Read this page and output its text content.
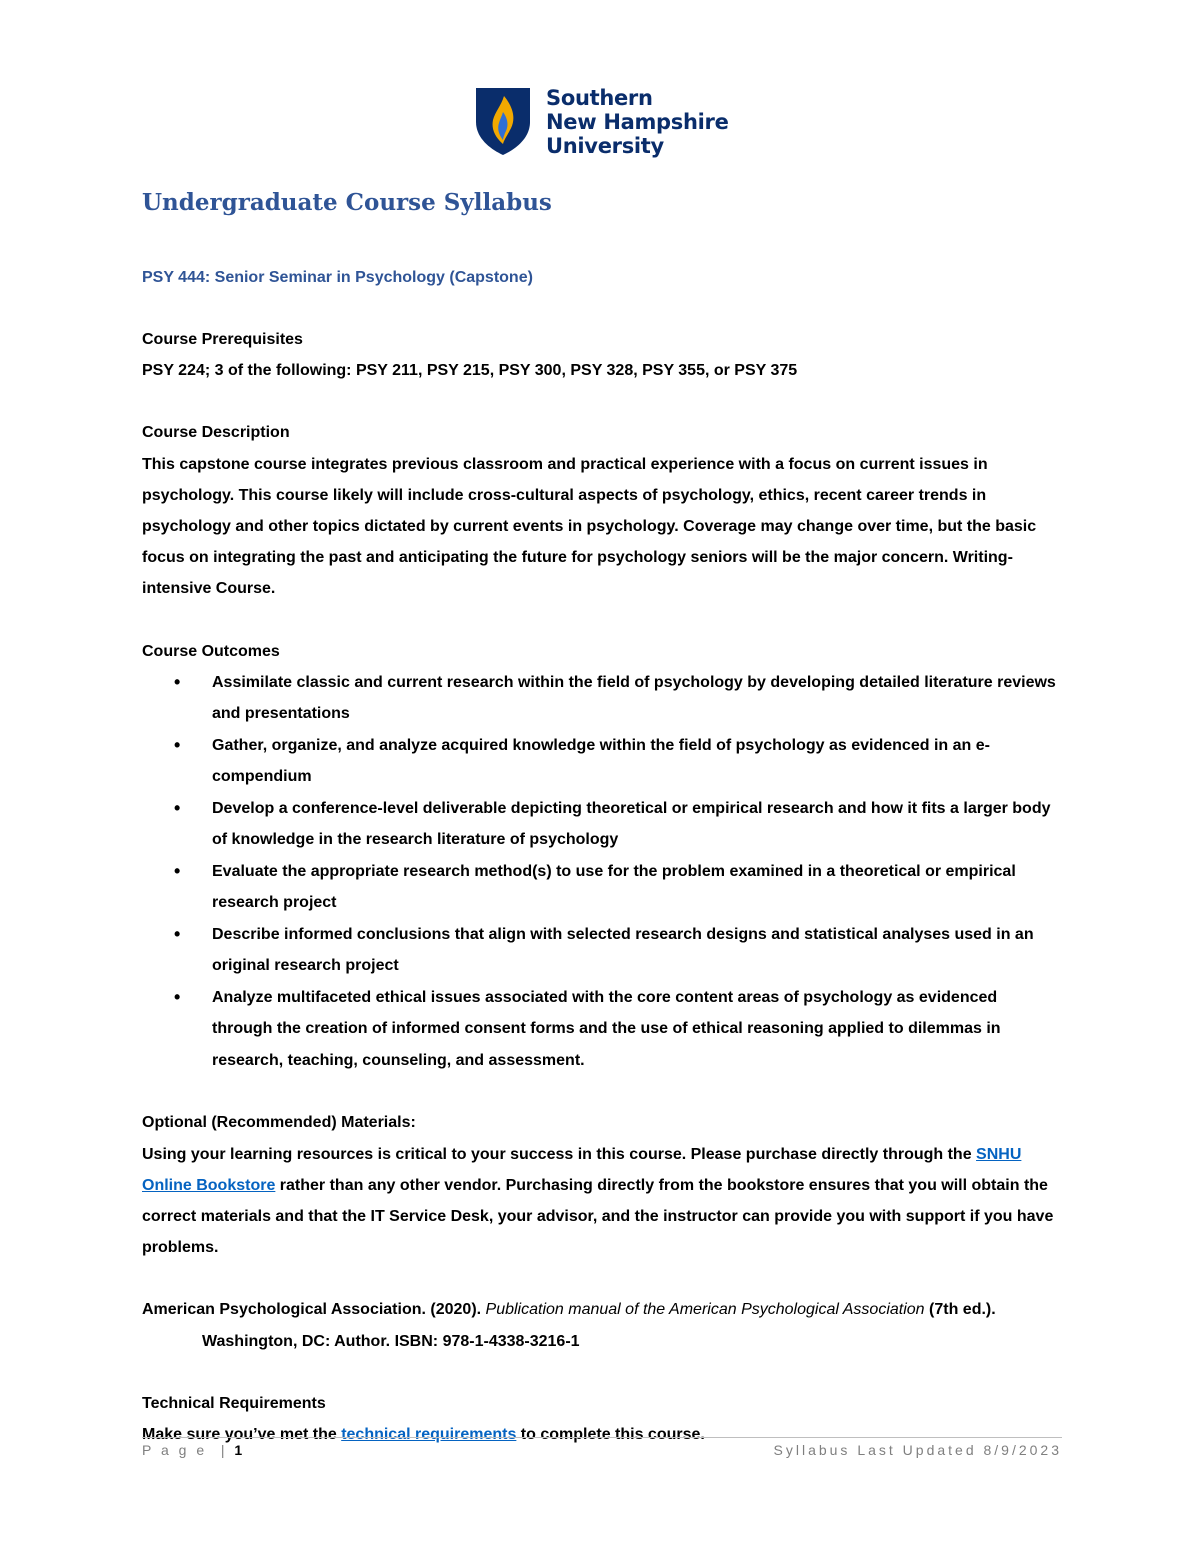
Southern
New Hampshire
University
Undergraduate Course Syllabus

PSY 444: Senior Seminar in Psychology (Capstone)

Course Prerequisites

PSY 224; 3 of the following: PSY 211, PSY 215, PSY 300, PSY 328, PSY 355, or PSY 375

Course Description

This capstone course integrates previous classroom and practical experience with a focus on current issues in psychology. This course likely will include cross-cultural aspects of psychology, ethics, recent career trends in psychology and other topics dictated by current events in psychology. Coverage may change over time, but the basic focus on integrating the past and anticipating the future for psychology seniors will be the major concern. Writing-intensive Course.

Course Outcomes

• Assimilate classic and current research within the field of psychology by developing detailed literature reviews and presentations
• Gather, organize, and analyze acquired knowledge within the field of psychology as evidenced in an e-compendium
• Develop a conference-level deliverable depicting theoretical or empirical research and how it fits a larger body of knowledge in the research literature of psychology
• Evaluate the appropriate research method(s) to use for the problem examined in a theoretical or empirical research project
• Describe informed conclusions that align with selected research designs and statistical analyses used in an original research project
• Analyze multifaceted ethical issues associated with the core content areas of psychology as evidenced through the creation of informed consent forms and the use of ethical reasoning applied to dilemmas in research, teaching, counseling, and assessment.

Optional (Recommended) Materials:

Using your learning resources is critical to your success in this course. Please purchase directly through the SNHU Online Bookstore rather than any other vendor. Purchasing directly from the bookstore ensures that you will obtain the correct materials and that the IT Service Desk, your advisor, and the instructor can provide you with support if you have problems.

American Psychological Association. (2020). Publication manual of the American Psychological Association (7th ed.). Washington, DC: Author. ISBN: 978-1-4338-3216-1

Technical Requirements

Make sure you’ve met the technical requirements to complete this course.

P a g e  | 1	Syllabus Last Updated 8/9/2023
